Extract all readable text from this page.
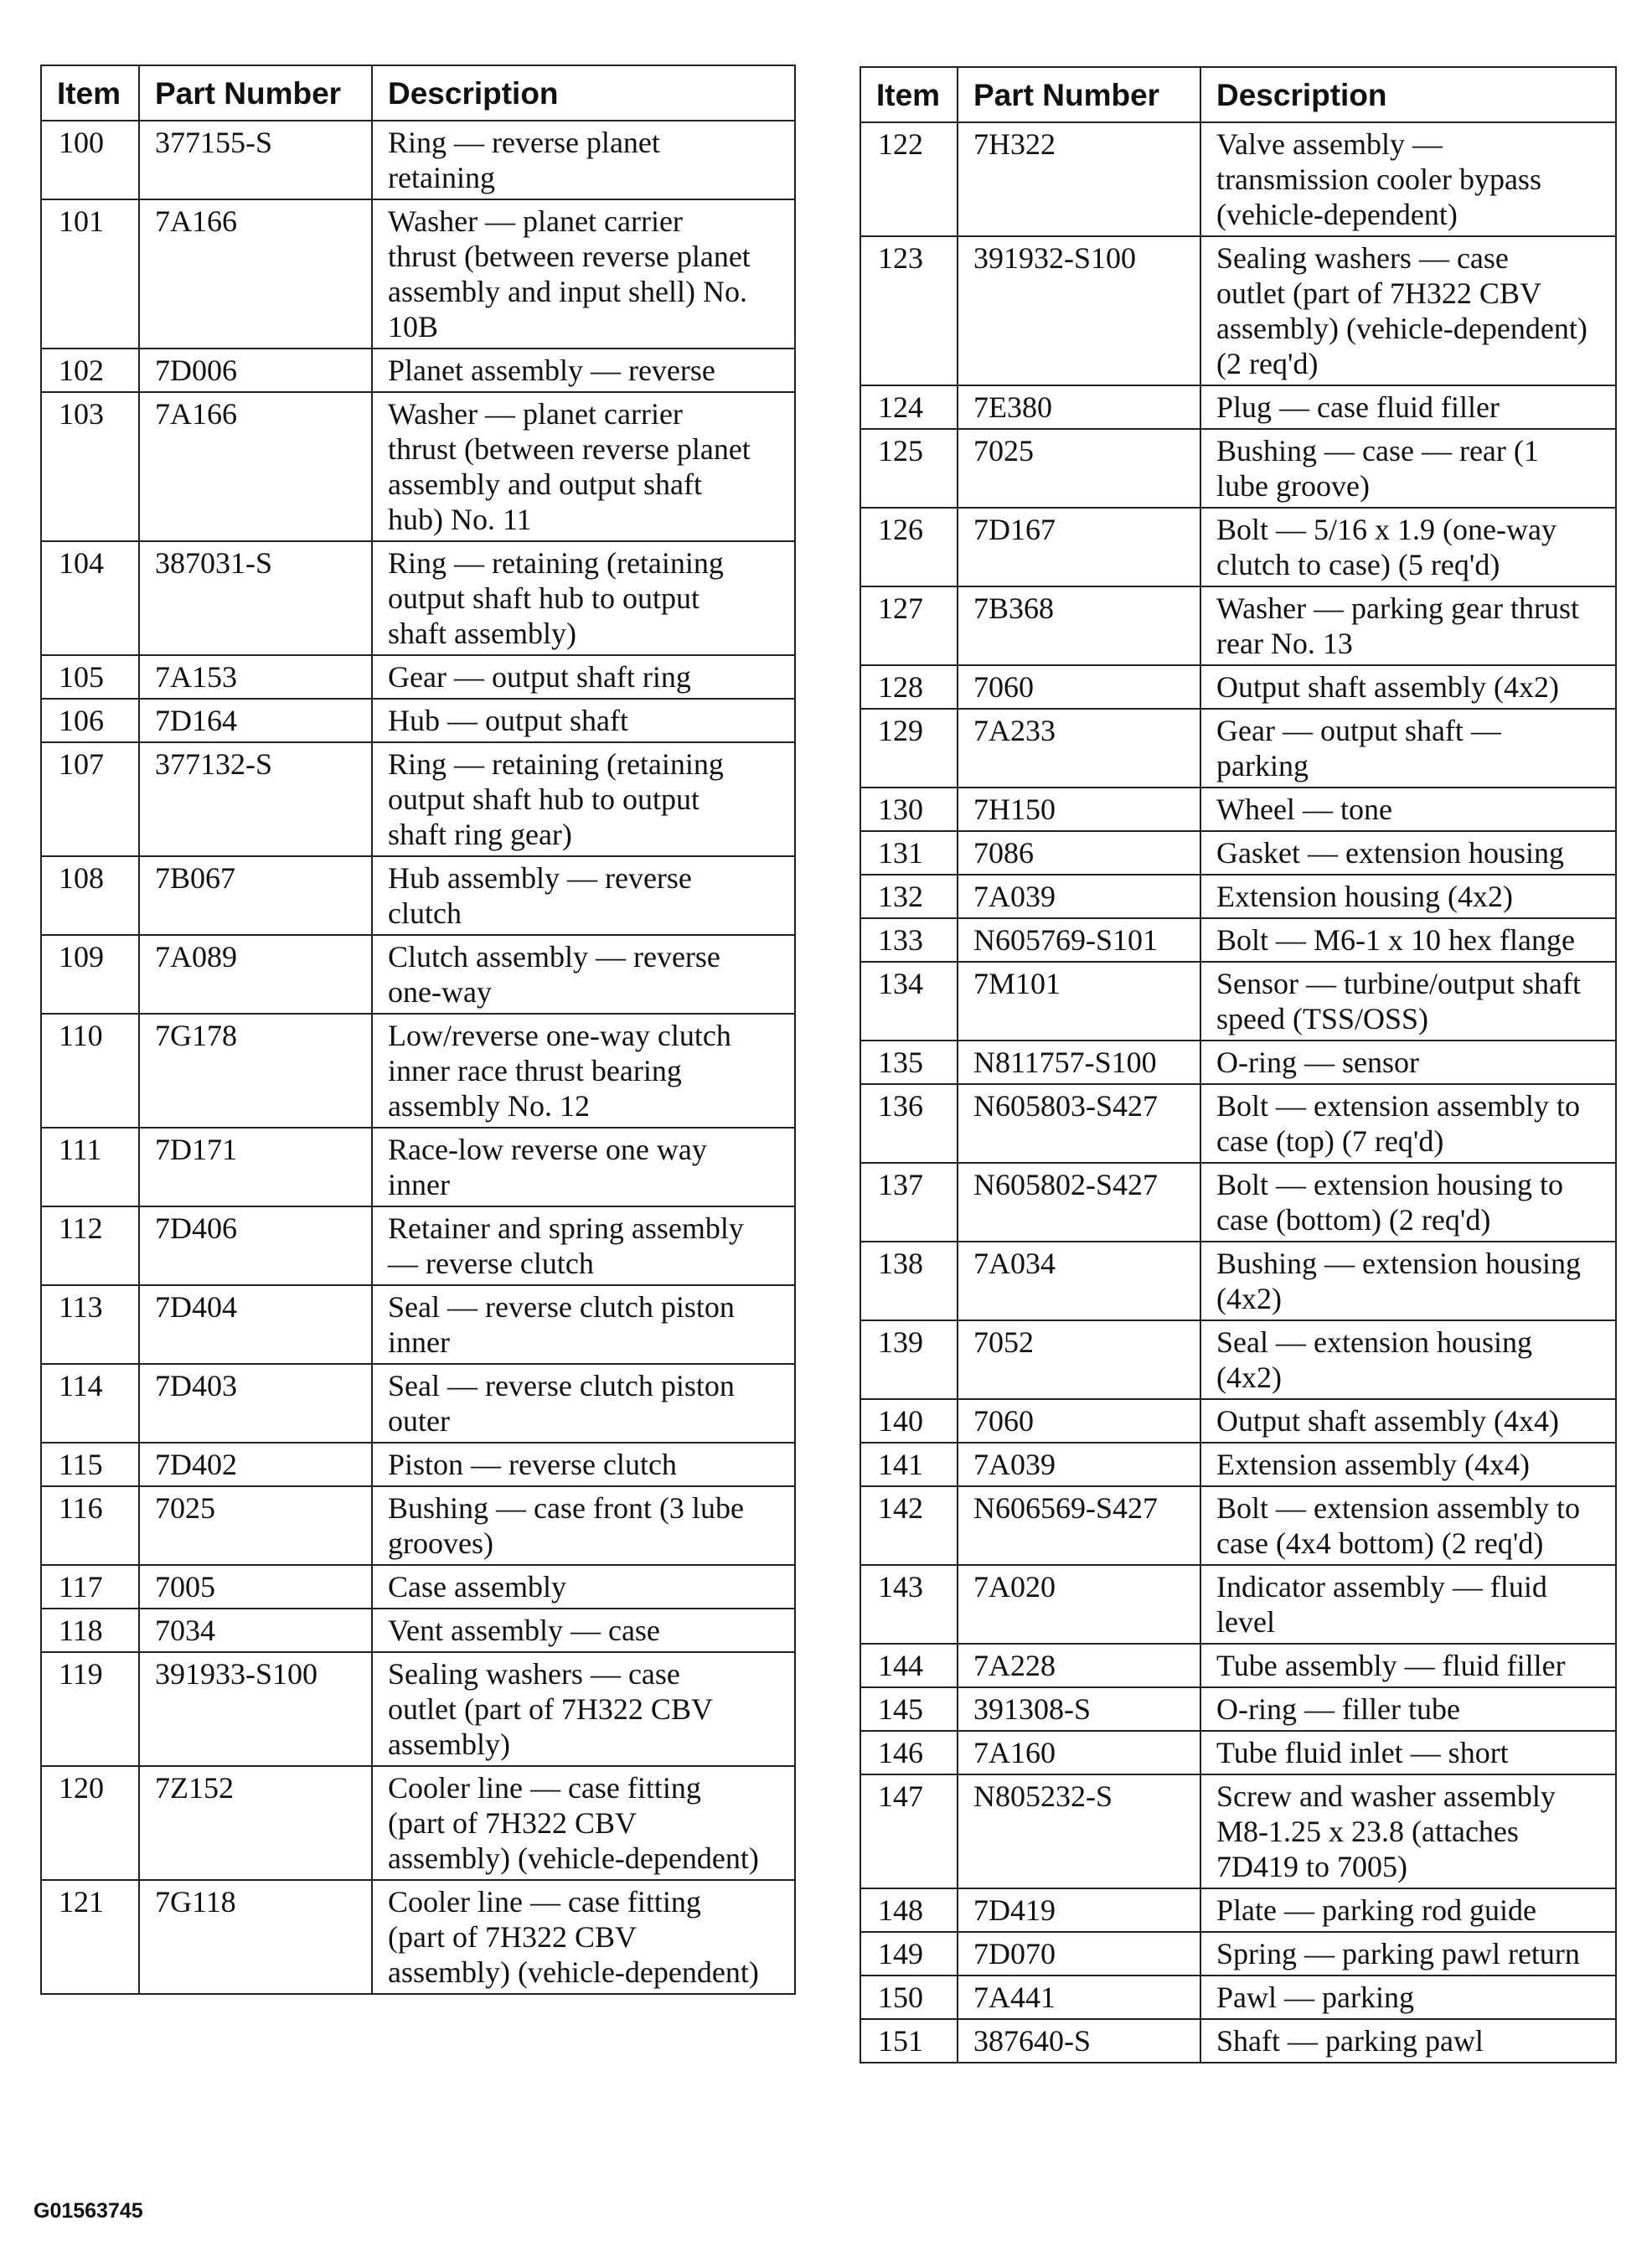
Item	Part Number	Description
100	377155-S	Ring — reverse planet
retaining
101	7A166	Washer — planet carrier
thrust (between reverse planet
assembly and input shell) No.
10B
102	7D006	Planet assembly — reverse
103	7A166	Washer — planet carrier
thrust (between reverse planet
assembly and output shaft
hub) No. 11
104	387031-S	Ring — retaining (retaining
output shaft hub to output
shaft assembly)
105	7A153	Gear — output shaft ring
106	7D164	Hub — output shaft
107	377132-S	Ring — retaining (retaining
output shaft hub to output
shaft ring gear)
108	7B067	Hub assembly — reverse
clutch
109	7A089	Clutch assembly — reverse
one-way
110	7G178	Low/reverse one-way clutch
inner race thrust bearing
assembly No. 12
111	7D171	Race-low reverse one way
inner
112	7D406	Retainer and spring assembly
— reverse clutch
113	7D404	Seal — reverse clutch piston
inner
114	7D403	Seal — reverse clutch piston
outer
115	7D402	Piston — reverse clutch
116	7025	Bushing — case front (3 lube
grooves)
117	7005	Case assembly
118	7034	Vent assembly — case
119	391933-S100	Sealing washers — case
outlet (part of 7H322 CBV
assembly)
120	7Z152	Cooler line — case fitting
(part of 7H322 CBV
assembly) (vehicle-dependent)
121	7G118	Cooler line — case fitting
(part of 7H322 CBV
assembly) (vehicle-dependent)
Item	Part Number	Description
122	7H322	Valve assembly —
transmission cooler bypass
(vehicle-dependent)
123	391932-S100	Sealing washers — case
outlet (part of 7H322 CBV
assembly) (vehicle-dependent)
(2 req'd)
124	7E380	Plug — case fluid filler
125	7025	Bushing — case — rear (1
lube groove)
126	7D167	Bolt — 5/16 x 1.9 (one-way
clutch to case) (5 req'd)
127	7B368	Washer — parking gear thrust
rear No. 13
128	7060	Output shaft assembly (4x2)
129	7A233	Gear — output shaft —
parking
130	7H150	Wheel — tone
131	7086	Gasket — extension housing
132	7A039	Extension housing (4x2)
133	N605769-S101	Bolt — M6-1 x 10 hex flange
134	7M101	Sensor — turbine/output shaft
speed (TSS/OSS)
135	N811757-S100	O-ring — sensor
136	N605803-S427	Bolt — extension assembly to
case (top) (7 req'd)
137	N605802-S427	Bolt — extension housing to
case (bottom) (2 req'd)
138	7A034	Bushing — extension housing
(4x2)
139	7052	Seal — extension housing
(4x2)
140	7060	Output shaft assembly (4x4)
141	7A039	Extension assembly (4x4)
142	N606569-S427	Bolt — extension assembly to
case (4x4 bottom) (2 req'd)
143	7A020	Indicator assembly — fluid
level
144	7A228	Tube assembly — fluid filler
145	391308-S	O-ring — filler tube
146	7A160	Tube fluid inlet — short
147	N805232-S	Screw and washer assembly
M8-1.25 x 23.8 (attaches
7D419 to 7005)
148	7D419	Plate — parking rod guide
149	7D070	Spring — parking pawl return
150	7A441	Pawl — parking
151	387640-S	Shaft — parking pawl
G01563745
